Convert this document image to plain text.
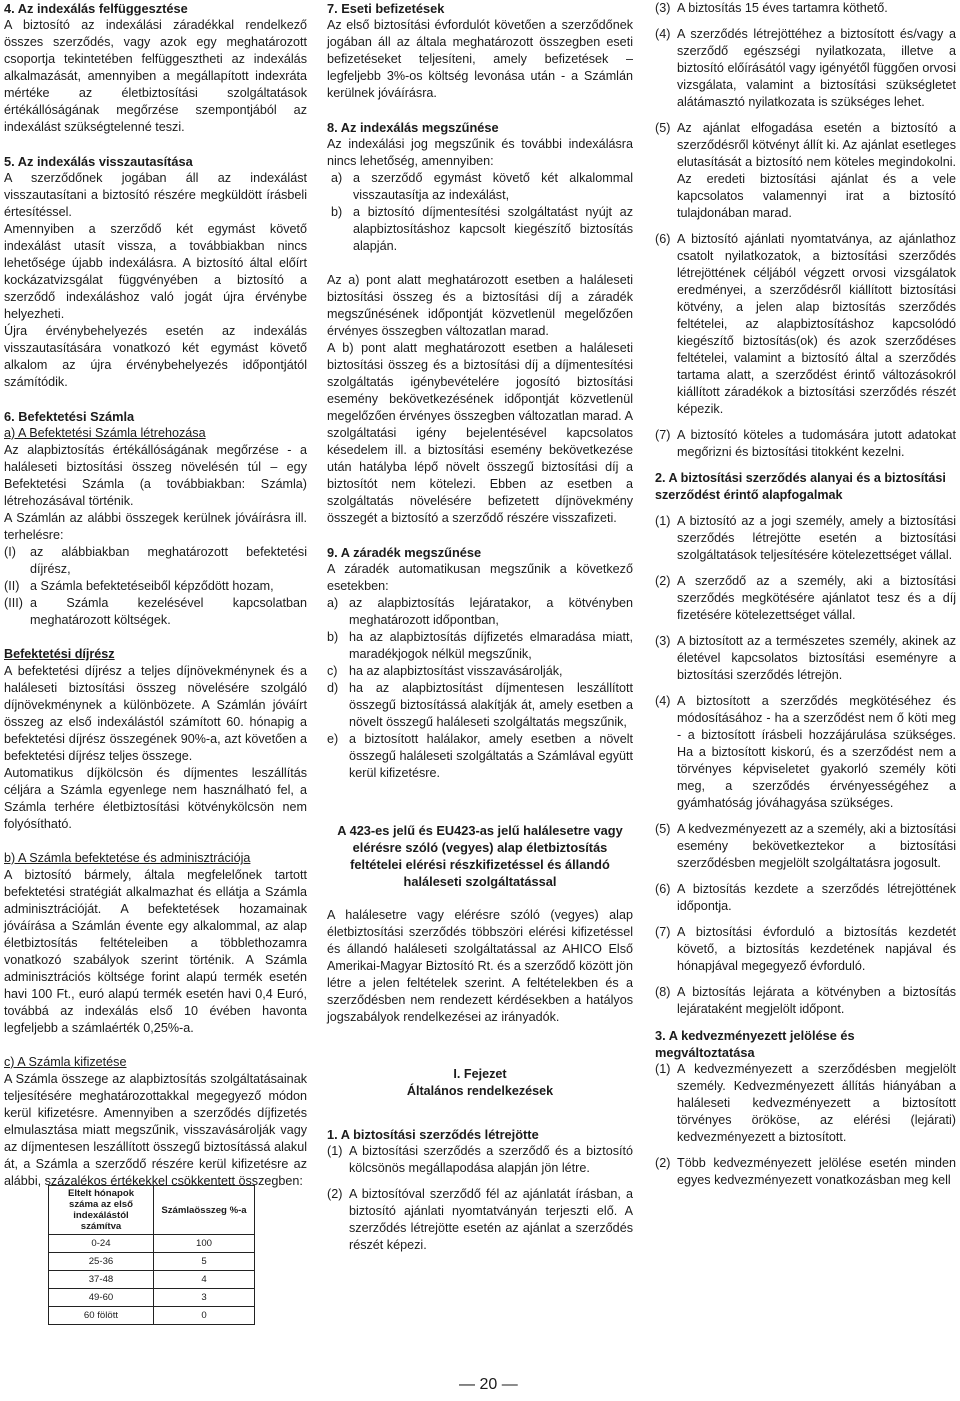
4. Az indexálás felfüggesztése

A biztosító az indexálási záradékkal rendelkező összes szerződés, vagy azok egy meghatározott csoportja tekintetében felfüggesztheti az indexálás alkalmazását, amennyiben a megállapított indexráta mértéke az életbiztosítási szolgáltatások értékállóságának megőrzése szempontjából az indexálást szükségtelenné teszi.

5. Az indexálás visszautasítása

A szerződőnek jogában áll az indexálást visszautasítani a biztosító részére megküldött írásbeli értesítéssel.

Amennyiben a szerződő két egymást követő indexálást utasít vissza, a továbbiakban nincs lehetősége újabb indexálásra. A biztosító által előírt kockázatvizsgálat függvényében a biztosító a szerződő indexáláshoz való jogát újra érvénybe helyezheti.

Újra érvénybehelyezés esetén az indexálás visszautasítására vonatkozó két egymást követő alkalom az újra érvénybehelyezés időpontjától számítódik.

6. Befektetési Számla

a) A Befektetési Számla létrehozása

Az alapbiztosítás értékállóságának megőrzése - a haláleseti biztosítási összeg növelésén túl – egy Befektetési Számla (a továbbiakban: Számla) létrehozásával történik.

A Számlán az alábbi összegek kerülnek jóváírásra ill. terhelésre:

(I)	az alábbiakban meghatározott befektetési díjrész,
(II) a Számla befektetéseiből képződött hozam,
(III) a Számla kezelésével kapcsolatban meghatározott költségek.

Befektetési díjrész

A befektetési díjrész a teljes díjnövekménynek és a haláleseti biztosítási összeg növelésére szolgáló díjnövekménynek a különbözete. A Számlán jóváírt összeg az első indexálástól számított 60. hónapig a befektetési díjrész összegének 90%-a, azt követően a befektetési díjrész teljes összege.

Automatikus díjkölcsön és díjmentes leszállítás céljára a Számla egyenlege nem használható fel, a Számla terhére életbiztosítási kötvénykölcsön nem folyósítható.

b) A Számla befektetése és adminisztrációja

A biztosító bármely, általa megfelelőnek tartott befektetési stratégiát alkalmazhat és ellátja a Számla adminisztrációját. A befektetések hozamainak jóváírása a Számlán évente egy alkalommal, az alap életbiztosítás feltételeiben a többlethozamra vonatkozó szabályok szerint történik. A Számla adminisztrációs költsége forint alapú termék esetén havi 100 Ft., euró alapú termék esetén havi 0,4 Euró, továbbá az indexálás első 10 évében havonta legfeljebb a számlaérték 0,25%-a.

c) A Számla kifizetése

A Számla összege az alapbiztosítás szolgáltatásainak teljesítésére meghatározottakkal megegyező módon kerül kifizetésre. Amennyiben a szerződés díjfizetés elmulasztása miatt megszűnik, visszavásárolják vagy az díjmentesen leszállított összegű biztosítássá alakul át, a Számla a szerződő részére kerül kifizetésre az alábbi, százalékos értékekkel csökkentett összegben:

Eltelt hónapok száma az első indexálástól számítva	Számlaösszeg %-a
0-24	100
25-36	5
37-48	4
49-60	3
60 fölött	0
7. Eseti befizetések

Az első biztosítási évfordulót követően a szerződőnek jogában áll az általa meghatározott összegben eseti befizetéseket teljesíteni, amely befizetések – legfeljebb 3%-os költség levonása után - a Számlán kerülnek jóváírásra.

8. Az indexálás megszűnése

Az indexálási jog megszűnik és további indexálásra nincs lehetőség, amennyiben:

a) a szerződő egymást követő két alkalommal visszautasítja az indexálást,
b) a biztosító díjmentesítési szolgáltatást nyújt az alapbiztosításhoz kapcsolt kiegészítő biztosítás alapján.

Az a) pont alatt meghatározott esetben a haláleseti biztosítási összeg és a biztosítási díj a záradék megszűnésének időpontját közvetlenül megelőzően érvényes összegben változatlan marad.

A b) pont alatt meghatározott esetben a haláleseti biztosítási összeg és a biztosítási díj a díjmentesítési szolgáltatás igénybevételére jogosító biztosítási esemény bekövetkezésének időpontját közvetlenül megelőzően érvényes összegben változatlan marad. A szolgáltatási igény bejelentésével kapcsolatos késedelem ill. a biztosítási esemény bekövetkezése után hatályba lépő növelt összegű biztosítási díj a biztosítót nem kötelezi. Ebben az esetben a szolgáltatás növelésére befizetett díjnövekmény összegét a biztosító a szerződő részére visszafizeti.

9. A záradék megszűnése

A záradék automatikusan megszűnik a következő esetekben:

a) az alapbiztosítás lejáratakor, a kötvényben meghatározott időpontban,
b) ha az alapbiztosítás díjfizetés elmaradása miatt, maradékjogok nélkül megszűnik,
c) ha az alapbiztosítást visszavásárolják,
d) ha az alapbiztosítást díjmentesen leszállított összegű biztosítássá alakítják át, amely esetben a növelt összegű haláleseti szolgáltatás megszűnik,
e) a biztosított halálakor, amely esetben a növelt összegű haláleseti szolgáltatás a Számlával együtt kerül kifizetésre.
A 423-es jelű és EU423-as jelű halálesetre vagy elérésre szóló (vegyes) alap életbiztosítás feltételei elérési részkifizetéssel és állandó haláleseti szolgáltatással

A halálesetre vagy elérésre szóló (vegyes) alap életbiztosítási szerződés többszöri elérési kifizetéssel és állandó haláleseti szolgáltatással az AHICO Első Amerikai-Magyar Biztosító Rt. és a szerződő között jön létre a jelen feltételek szerint. A feltételekben és a szerződésben nem rendezett kérdésekben a hatályos jogszabályok rendelkezései az irányadók.

I. Fejezet

Általános rendelkezések

1. A biztosítási szerződés létrejötte
(1) A biztosítási szerződés a szerződő és a biztosító kölcsönös megállapodása alapján jön létre.
(2) A biztosítóval szerződő fél az ajánlatát írásban, a biztosító ajánlati nyomtatványán terjeszti elő. A szerződés létrejötte esetén az ajánlat a szerződés részét képezi.
(3) A biztosítás 15 éves tartamra köthető.
(4) A szerződés létrejöttéhez a biztosított és/vagy a szerződő egészségi nyilatkozata, illetve a biztosító előírásától vagy igényétől függően orvosi vizsgálata, valamint a biztosítási szükségletet alátámasztó nyilatkozata is szükséges lehet.
(5) Az ajánlat elfogadása esetén a biztosító a szerződésről kötvényt állít ki. Az ajánlat esetleges elutasítását a biztosító nem köteles megindokolni. Az eredeti biztosítási ajánlat és a vele kapcsolatos valamennyi irat a biztosító tulajdonában marad.
(6) A biztosító ajánlati nyomtatványa, az ajánlathoz csatolt nyilatkozatok, a biztosítási szerződés létrejöttének céljából végzett orvosi vizsgálatok eredményei, a szerződésről kiállított biztosítási kötvény, a jelen alap biztosítás szerződés feltételei, az alapbiztosításhoz kapcsolódó kiegészítő biztosítás(ok) és azok szerződéses feltételei, valamint a biztosító által a szerződés tartama alatt, a szerződést érintő változásokról kiállított záradékok a biztosítási szerződés részét képezik.
(7) A biztosító köteles a tudomására jutott adatokat megőrizni és biztosítási titokként kezelni.
2. A biztosítási szerződés alanyai és a biztosítási szerződést érintő alapfogalmak
(1) A biztosító az a jogi személy, amely a biztosítási szerződés létrejötte esetén a biztosítási szolgáltatások teljesítésére kötelezettséget vállal.
(2) A szerződő az a személy, aki a biztosítási szerződés megkötésére ajánlatot tesz és a díj fizetésére kötelezettséget vállal.
(3) A biztosított az a természetes személy, akinek az életével kapcsolatos biztosítási eseményre a biztosítási szerződés létrejön.
(4) A biztosított a szerződés megkötéséhez és módosításához - ha a szerződést nem ő köti meg - a biztosított írásbeli hozzájárulása szükséges. Ha a biztosított kiskorú, és a szerződést nem a törvényes képviseletet gyakorló személy köti meg, a szerződés érvényességéhez a gyámhatóság jóváhagyása szükséges.
(5) A kedvezményezett az a személy, aki a biztosítási esemény bekövetkeztekor a biztosítási szerződésben megjelölt szolgáltatásra jogosult.
(6) A biztosítás kezdete a szerződés létrejöttének időpontja.
(7) A biztosítási évforduló a biztosítás kezdetét követő, a biztosítás kezdetének napjával és hónapjával megegyező évforduló.
(8) A biztosítás lejárata a kötvényben a biztosítás lejárataként megjelölt időpont.
3. A kedvezményezett jelölése és megváltoztatása
(1) A kedvezményezett a szerződésben megjelölt személy. Kedvezményezett állítás hiányában a haláleseti kedvezményezett a biztosított törvényes örököse, az elérési (lejárati) kedvezményezett a biztosított.
(2) Több kedvezményezett jelölése esetén minden egyes kedvezményezett vonatkozásban meg kell
— 20 —
